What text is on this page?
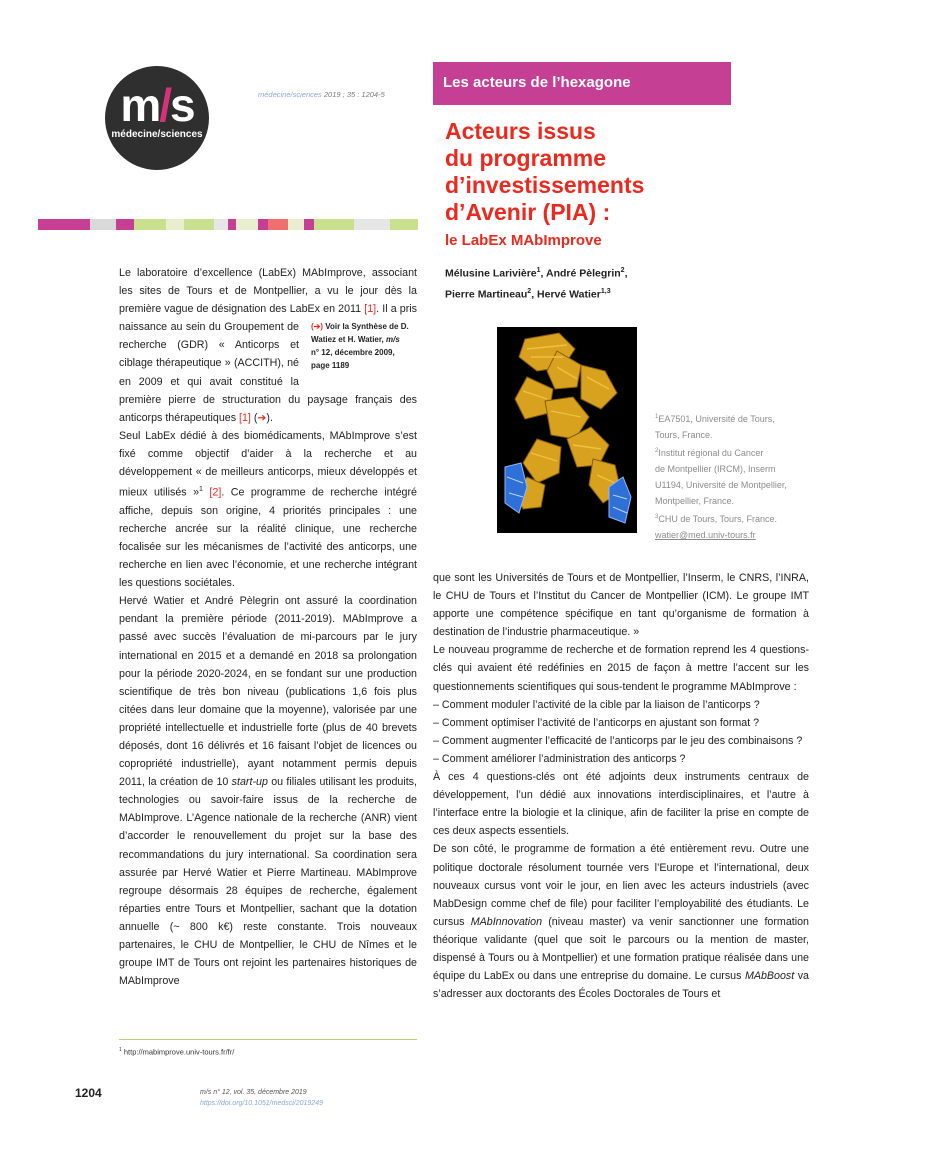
m/s
médecine/sciences
médecine/sciences 2019 ; 35 : 1204-5
Les acteurs de l’hexagone
Acteurs issus
du programme
d’investissements
d’Avenir (PIA) :
le LabEx MAbImprove
Mélusine Larivière$^1$, André Pèlegrin$^2$,
Pierre Martineau$^2$, Hervé Watier$^{1,3}$
$^1$EA7501, Université de Tours,
Tours, France.
$^2$Institut régional du Cancer
de Montpellier (IRCM), Inserm
U1194, Université de Montpellier,
Montpellier, France.
$^3$CHU de Tours, Tours, France.
watier@med.univ-tours.fr

Le laboratoire d’excellence (LabEx) MAbImprove, associant les sites de Tours et de Montpellier, a vu le jour dès la première vague de désignation des LabEx en 2011 [1]
. Il a pris naissance au sein du Groupement de recherche (GDR) « Anticorps et ciblage thérapeutique » (ACCITH), né en 2009 et qui avait constitué la première pierre de structuration du paysage français des anticorps thérapeutiques [1] (➔).

Seul LabEx dédié à des biomédicaments, MAbImprove s’est fixé comme objectif d’aider à la recherche et au développement « de meilleurs anticorps, mieux développés et mieux utilisés »$^1$ [2]. Ce programme de recherche intégré affiche, depuis son origine, 4 priorités principales : une recherche ancrée sur la réalité clinique, une recherche focalisée sur les mécanismes de l’activité des anticorps, une recherche en lien avec l’économie, et une recherche intégrant les questions sociétales.

Hervé Watier et André Pèlegrin ont assuré la coordination pendant la première période (2011-2019). MAbImprove a passé avec succès l’évaluation de mi-parcours par le jury international en 2015 et a demandé en 2018 sa prolongation pour la période 2020-2024, en se fondant sur une production scientifique de très bon niveau (publications 1,6 fois plus citées dans leur domaine que la moyenne), valorisée par une propriété intellectuelle et industrielle forte (plus de 40 brevets déposés, dont 16 délivrés et 16 faisant l’objet de licences ou copropriété industrielle), ayant notamment permis depuis 2011, la création de 10 start-up ou filiales utilisant les produits, technologies ou savoir-faire issus de la recherche de MAbImprove. L’Agence nationale de la recherche (ANR) vient d’accorder le renouvellement du projet sur la base des recommandations du jury international. Sa coordination sera assurée par Hervé Watier et Pierre Martineau. MAbImprove regroupe désormais 28 équipes de recherche, également réparties entre Tours et Montpellier, sachant que la dotation annuelle (~ 800 k€) reste constante. Trois nouveaux partenaires, le CHU de Montpellier, le CHU de Nîmes et le groupe IMT de Tours ont rejoint les partenaires historiques de MAbImprove

(➔) Voir la Synthèse de D.
Watiez et H. Watier, m/s
n° 12, décembre 2009,
page 1189

que sont les Universités de Tours et de Montpellier, l’Inserm, le CNRS, l’INRA, le CHU de Tours et l’Institut du Cancer de Montpellier (ICM). Le groupe IMT apporte une compétence spécifique en tant qu’organisme de formation à destination de l’industrie pharmaceutique. »

Le nouveau programme de recherche et de formation reprend les 4 questions-clés qui avaient été redéfinies en 2015 de façon à mettre l’accent sur les questionnements scientifiques qui sous-tendent le programme MAbImprove :

– Comment moduler l’activité de la cible par la liaison de l’anticorps ?

– Comment optimiser l’activité de l’anticorps en ajustant son format ?

– Comment augmenter l’efficacité de l’anticorps par le jeu des combinaisons ?

– Comment améliorer l’administration des anticorps ?

À ces 4 questions-clés ont été adjoints deux instruments centraux de développement, l’un dédié aux innovations interdisciplinaires, et l’autre à l’interface entre la biologie et la clinique, afin de faciliter la prise en compte de ces deux aspects essentiels.

De son côté, le programme de formation a été entièrement revu. Outre une politique doctorale résolument tournée vers l’Europe et l’international, deux nouveaux cursus vont voir le jour, en lien avec les acteurs industriels (avec MabDesign comme chef de file) pour faciliter l’employabilité des étudiants. Le cursus MAbInnovation (niveau master) va venir sanctionner une formation théorique validante (quel que soit le parcours ou la mention de master, dispensé à Tours ou à Montpellier) et une formation pratique réalisée dans une équipe du LabEx ou dans une entreprise du domaine. Le cursus MAbBoost va s’adresser aux doctorants des Écoles Doctorales de Tours et

$^1$ http://mabimprove.univ-tours.fr/fr/
1204	m/s n° 12, vol. 35, décembre 2019
https://doi.org/10.1051/medsci/2019249
